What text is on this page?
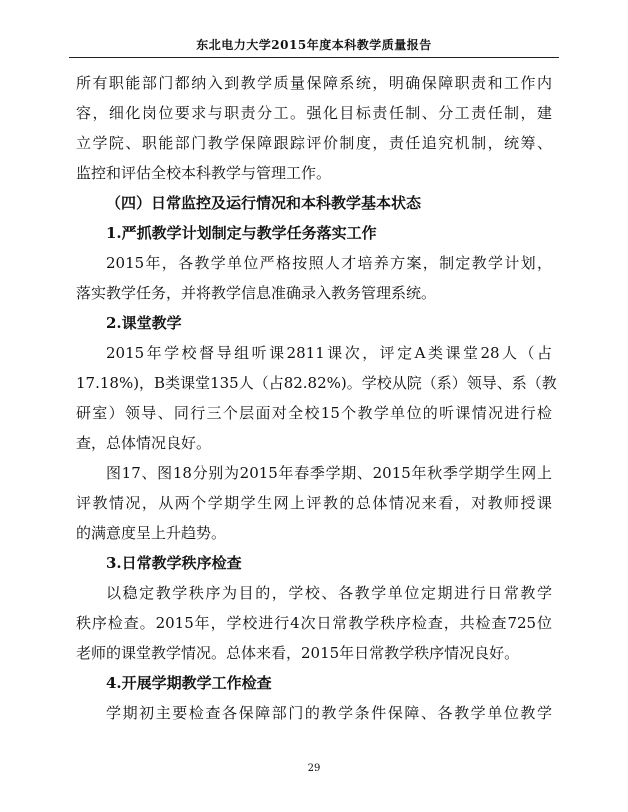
东北电力大学2015年度本科教学质量报告

所有职能部门都纳入到教学质量保障系统，明确保障职责和工作内
容，细化岗位要求与职责分工。强化目标责任制、分工责任制，建
立学院、职能部门教学保障跟踪评价制度，责任追究机制，统筹、
监控和评估全校本科教学与管理工作。

（四）日常监控及运行情况和本科教学基本状态

1.严抓教学计划制定与教学任务落实工作

2015年，各教学单位严格按照人才培养方案，制定教学计划，
落实教学任务，并将教学信息准确录入教务管理系统。

2.课堂教学

2015年学校督导组听课2811课次，评定A类课堂28人（占
17.18%)，B类课堂135人（占82.82%)。学校从院（系）领导、系（教
研室）领导、同行三个层面对全校15个教学单位的听课情况进行检
查，总体情况良好。

图17、图18分别为2015年春季学期、2015年秋季学期学生网上
评教情况，从两个学期学生网上评教的总体情况来看，对教师授课
的满意度呈上升趋势。

3.日常教学秩序检查

以稳定教学秩序为目的，学校、各教学单位定期进行日常教学
秩序检查。2015年，学校进行4次日常教学秩序检查，共检查725位
老师的课堂教学情况。总体来看，2015年日常教学秩序情况良好。

4.开展学期教学工作检查

学期初主要检查各保障部门的教学条件保障、各教学单位教学

29
